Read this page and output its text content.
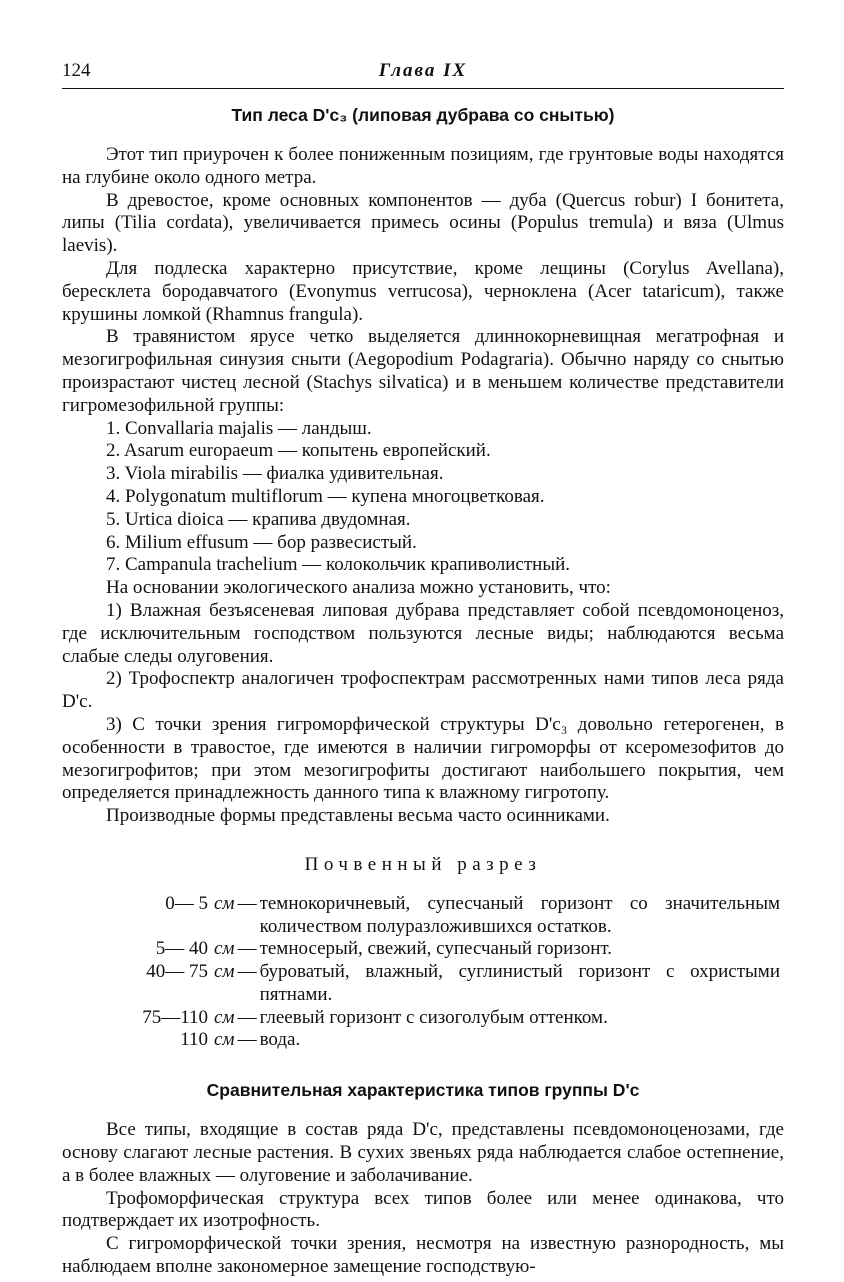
124	Глава IX
Тип леса D'c₃ (липовая дубрава со снытью)

Этот тип приурочен к более пониженным позициям, где грунтовые воды находятся на глубине около одного метра.

В древостое, кроме основных компонентов — дуба (Quercus robur) I бонитета, липы (Tilia cordata), увеличивается примесь осины (Populus tremula) и вяза (Ulmus laevis).

Для подлеска характерно присутствие, кроме лещины (Corylus Avellana), бересклета бородавчатого (Evonymus verrucosa), черноклена (Acer tataricum), также крушины ломкой (Rhamnus frangula).

В травянистом ярусе четко выделяется длиннокорневищная мегатрофная и мезогигрофильная синузия сныти (Aegopodium Podagraria). Обычно наряду со снытью произрастают чистец лесной (Stachys silvatica) и в меньшем количестве представители гигромезофильной группы:

1. Convallaria majalis — ландыш.
2. Asarum europaeum — копытень европейский.
3. Viola mirabilis — фиалка удивительная.
4. Polygonatum multiflorum — купена многоцветковая.
5. Urtica dioica — крапива двудомная.
6. Milium effusum — бор развесистый.
7. Campanula trachelium — колокольчик крапиволистный.

На основании экологического анализа можно установить, что:

1) Влажная безъясеневая липовая дубрава представляет собой псевдомоноценоз, где исключительным господством пользуются лесные виды; наблюдаются весьма слабые следы олуговения.

2) Трофоспектр аналогичен трофоспектрам рассмотренных нами типов леса ряда D'c.

3) С точки зрения гигроморфической структуры D'c₃ довольно гетерогенен, в особенности в травостое, где имеются в наличии гигроморфы от ксеромезофитов до мезогигрофитов; при этом мезогигрофиты достигают наибольшего покрытия, чем определяется принадлежность данного типа к влажному гигротопу.

Производные формы представлены весьма часто осинниками.

Почвенный разрез

0— 5 см — темнокоричневый, супесчаный горизонт со значительным количеством полуразложившихся остатков.
5— 40 см — темносерый, свежий, супесчаный горизонт.
40— 75 см — буроватый, влажный, суглинистый горизонт с охристыми пятнами.
75—110 см — глеевый горизонт с сизоголубым оттенком.
110 см — вода.
Сравнительная характеристика типов группы D'c

Все типы, входящие в состав ряда D'c, представлены псевдомоноценозами, где основу слагают лесные растения. В сухих звеньях ряда наблюдается слабое остепнение, а в более влажных — олуговение и заболачивание.

Трофоморфическая структура всех типов более или менее одинакова, что подтверждает их изотрофность.

С гигроморфической точки зрения, несмотря на известную разнородность, мы наблюдаем вполне закономерное замещение господствую-
